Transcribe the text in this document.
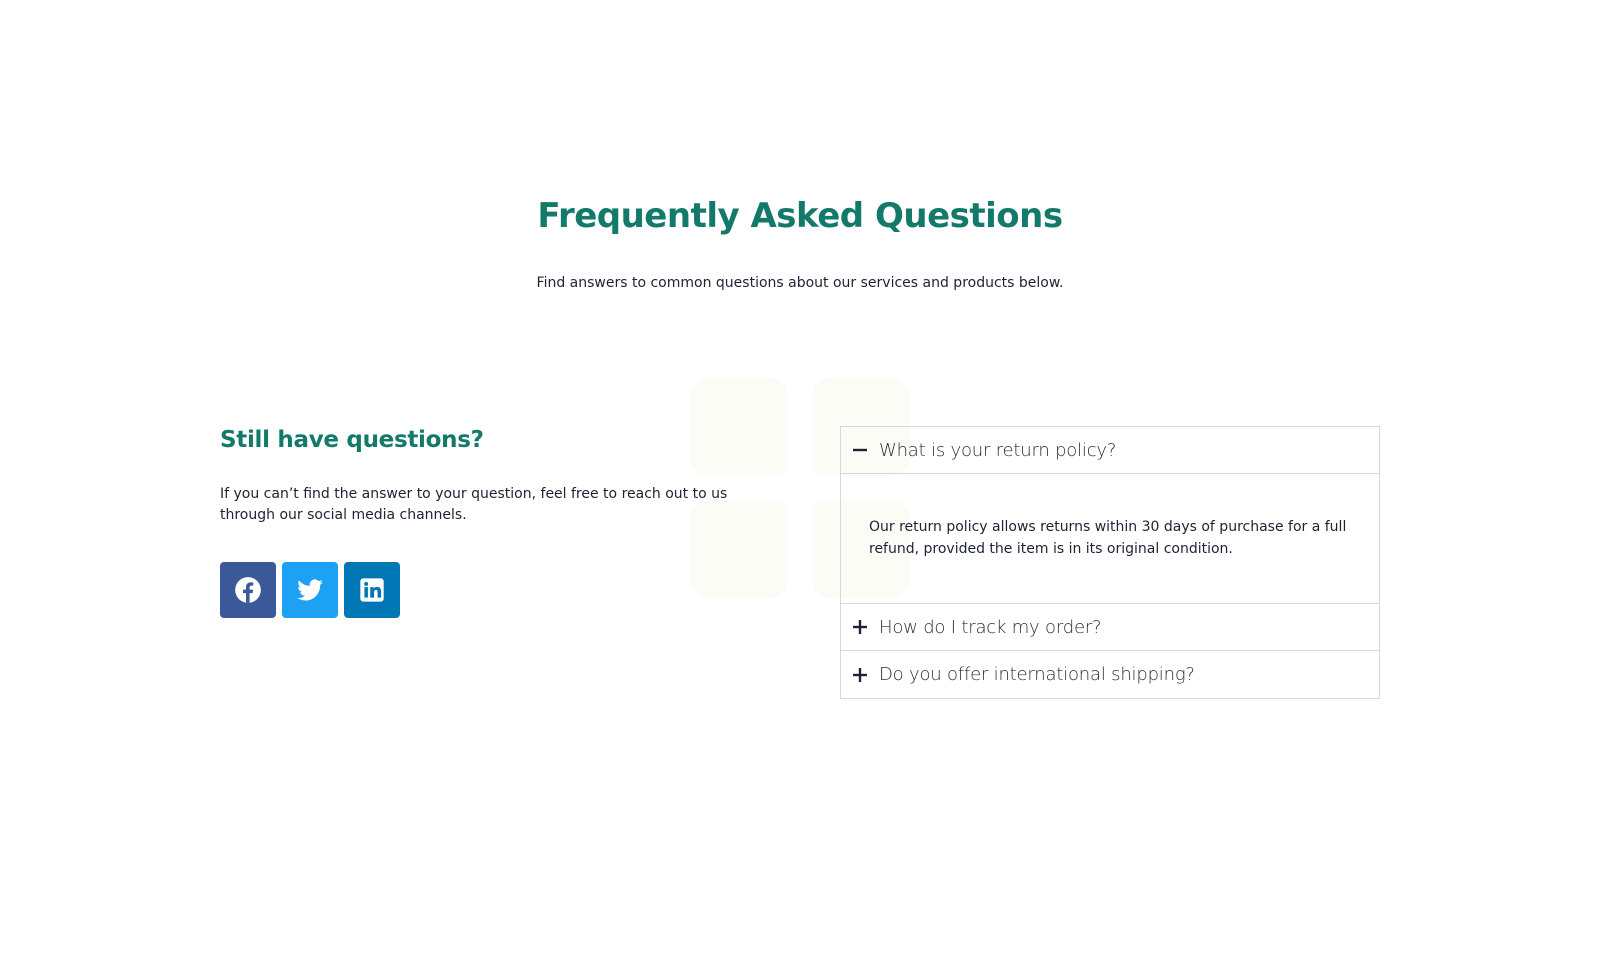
Frequently Asked Questions

Find answers to common questions about our services and products below.

Still have questions?

If you can’t find the answer to your question, feel free to reach out to us through our social media channels.

What is your return policy?
Our return policy allows returns within 30 days of purchase for a full refund, provided the item is in its original condition.
How do I track my order?
Do you offer international shipping?
